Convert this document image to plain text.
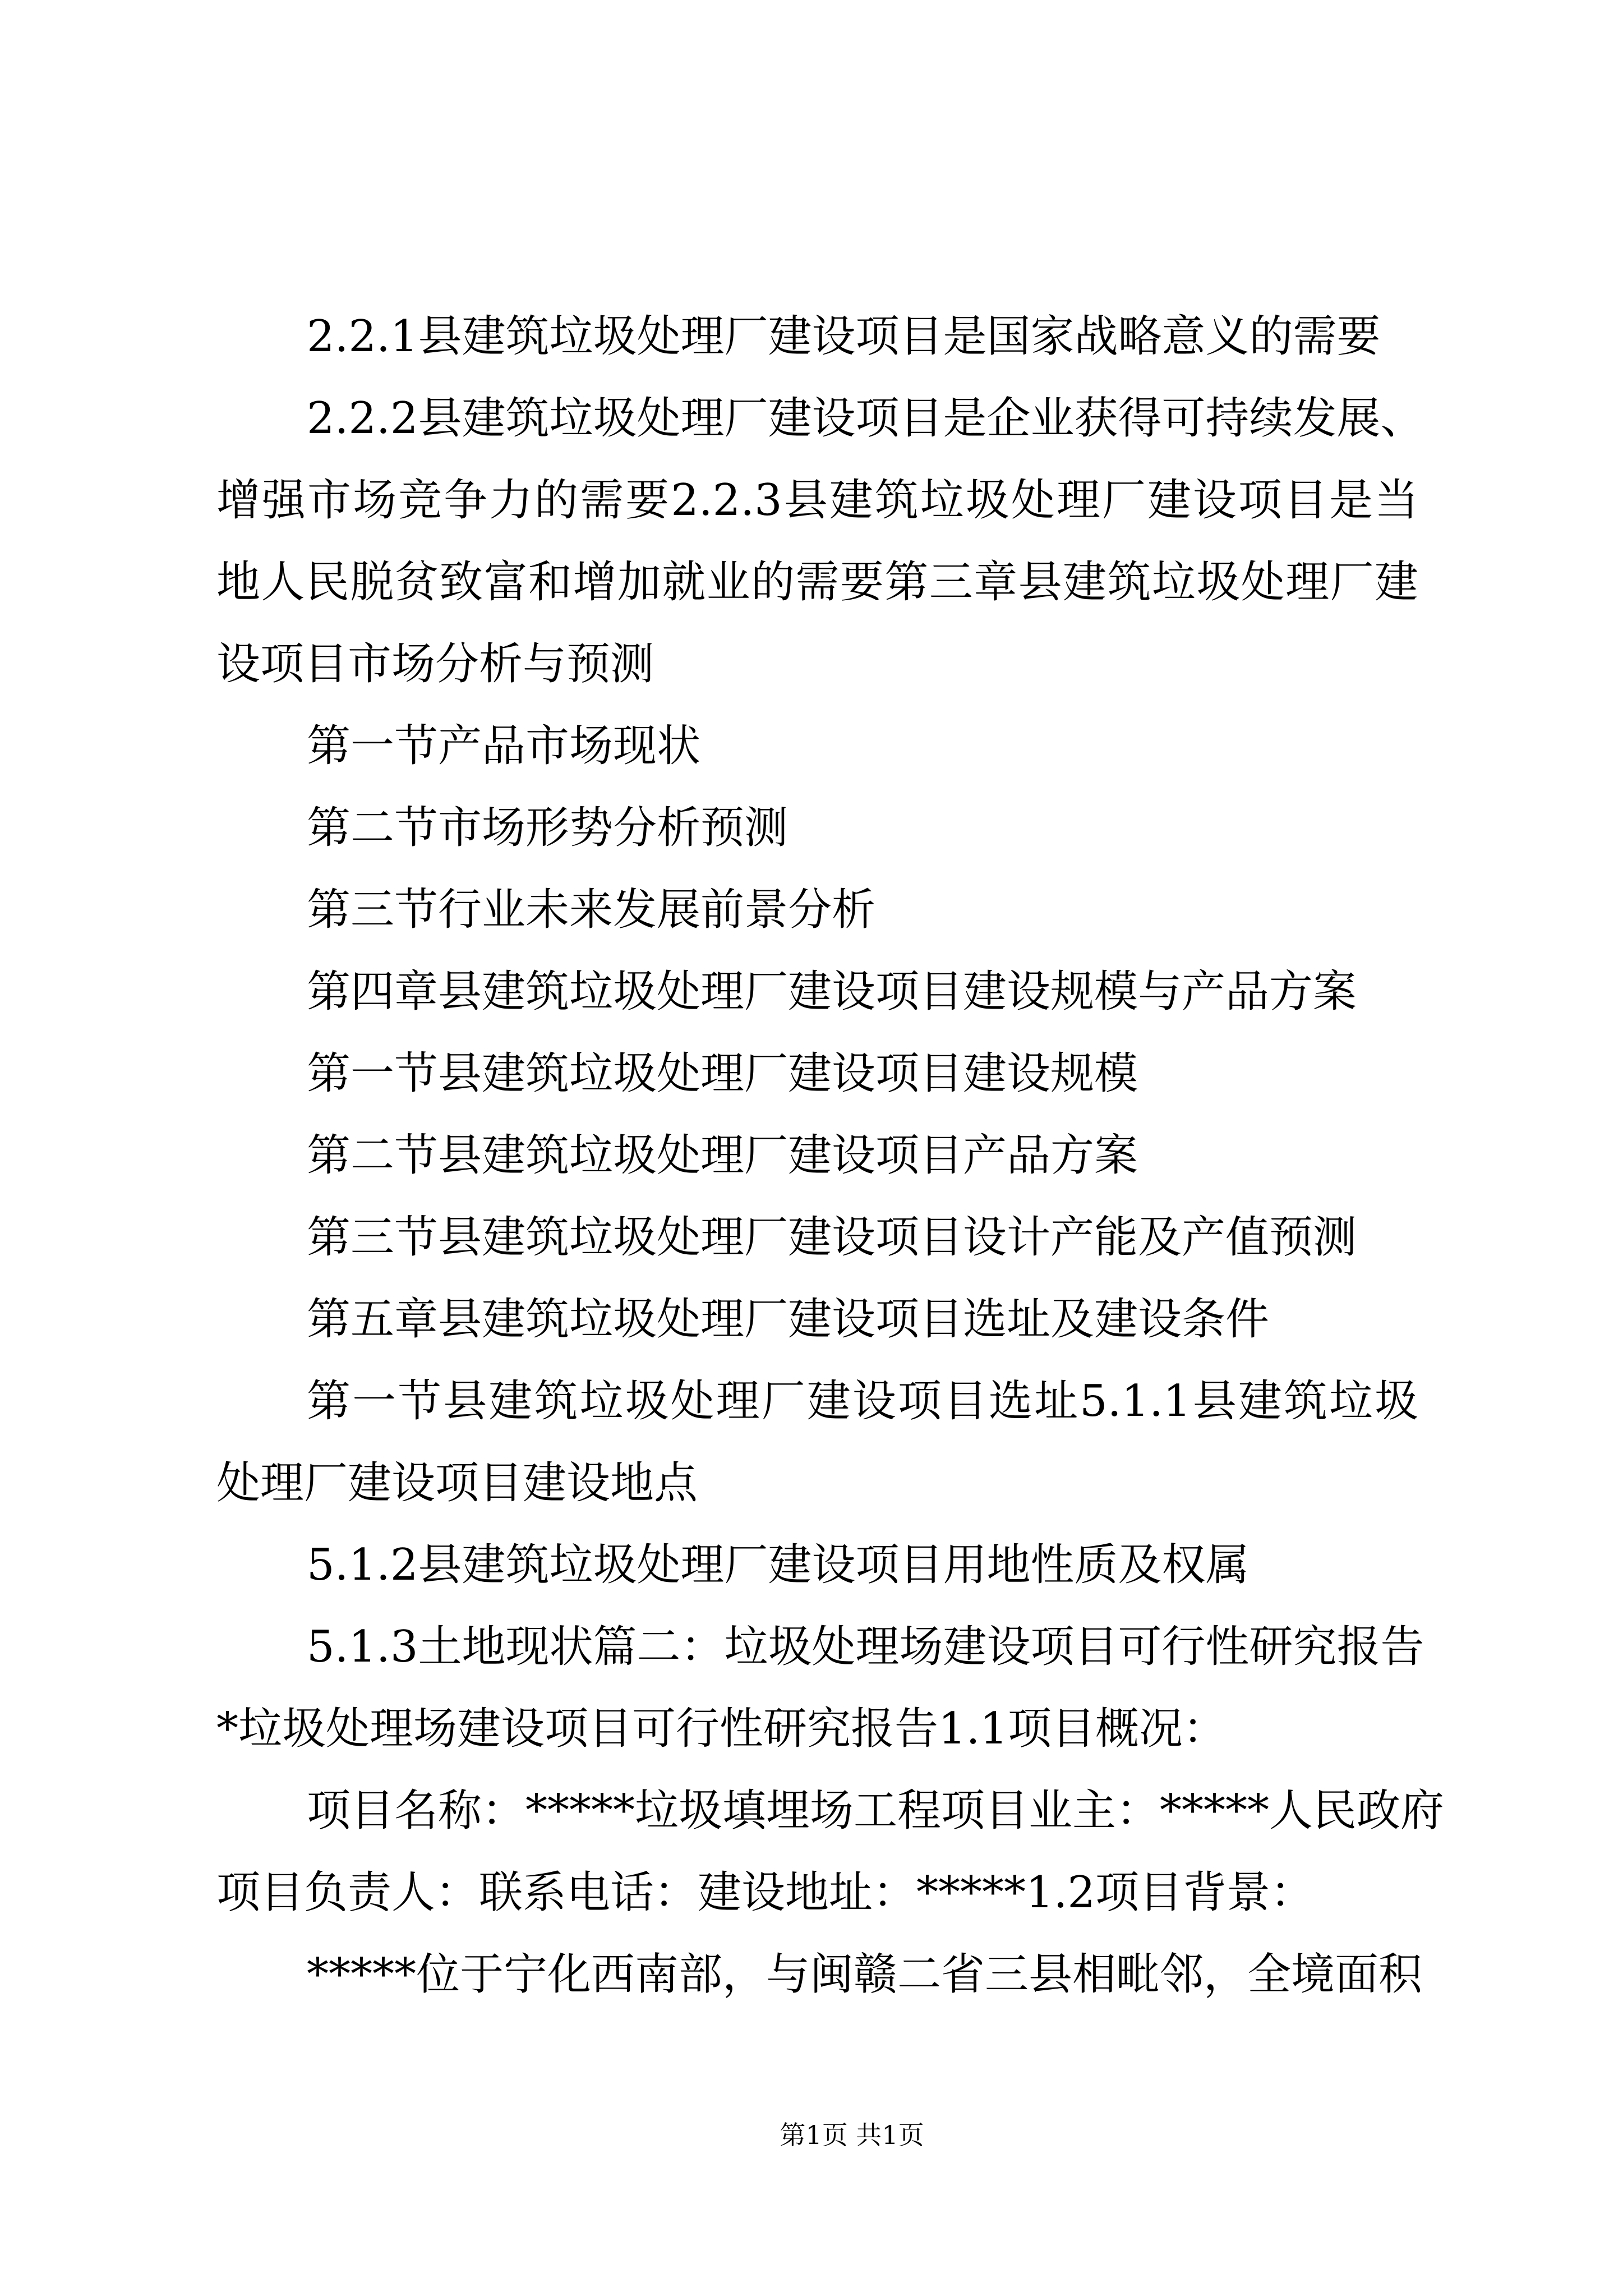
2.2.1县建筑垃圾处理厂建设项目是国家战略意义的需要
2.2.2县建筑垃圾处理厂建设项目是企业获得可持续发展、
增强市场竞争力的需要2.2.3县建筑垃圾处理厂建设项目是当
地人民脱贫致富和增加就业的需要第三章县建筑垃圾处理厂建
设项目市场分析与预测
第一节产品市场现状
第二节市场形势分析预测
第三节行业未来发展前景分析
第四章县建筑垃圾处理厂建设项目建设规模与产品方案
第一节县建筑垃圾处理厂建设项目建设规模
第二节县建筑垃圾处理厂建设项目产品方案
第三节县建筑垃圾处理厂建设项目设计产能及产值预测
第五章县建筑垃圾处理厂建设项目选址及建设条件
第一节县建筑垃圾处理厂建设项目选址5.1.1县建筑垃圾
处理厂建设项目建设地点
5.1.2县建筑垃圾处理厂建设项目用地性质及权属
5.1.3土地现状篇二：垃圾处理场建设项目可行性研究报告
*垃圾处理场建设项目可行性研究报告1.1项目概况：
项目名称：*****垃圾填埋场工程项目业主：*****人民政府
项目负责人：联系电话：建设地址：*****1.2项目背景：
*****位于宁化西南部，与闽赣二省三县相毗邻，全境面积
第1页 共1页
